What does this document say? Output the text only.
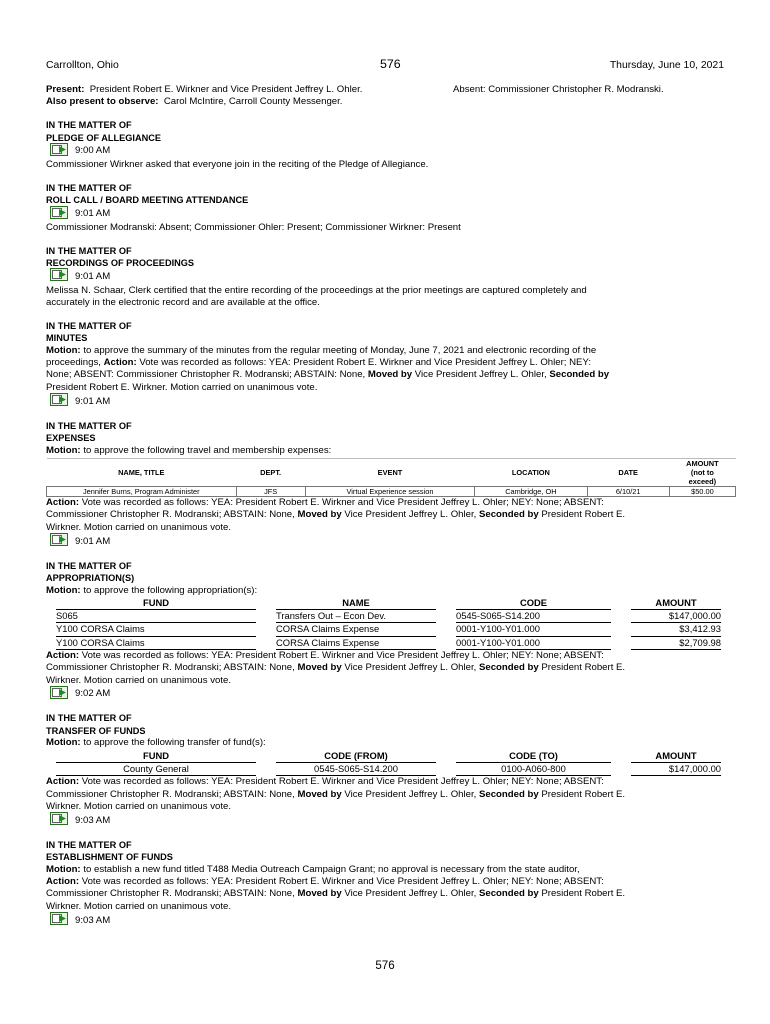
Carrollton, Ohio	576	Thursday, June 10, 2021
Present: President Robert E. Wirkner and Vice President Jeffrey L. Ohler.	Absent: Commissioner Christopher R. Modranski.
Also present to observe: Carol McIntire, Carroll County Messenger.
IN THE MATTER OF
PLEDGE OF ALLEGIANCE
9:00 AM
Commissioner Wirkner asked that everyone join in the reciting of the Pledge of Allegiance.
IN THE MATTER OF
ROLL CALL / BOARD MEETING ATTENDANCE
9:01 AM
Commissioner Modranski: Absent; Commissioner Ohler: Present; Commissioner Wirkner: Present
IN THE MATTER OF
RECORDINGS OF PROCEEDINGS
9:01 AM
Melissa N. Schaar, Clerk certified that the entire recording of the proceedings at the prior meetings are captured completely and
accurately in the electronic record and are available at the office.
IN THE MATTER OF
MINUTES
Motion: to approve the summary of the minutes from the regular meeting of Monday, June 7, 2021 and electronic recording of the
proceedings, Action: Vote was recorded as follows: YEA: President Robert E. Wirkner and Vice President Jeffrey L. Ohler; NEY:
None; ABSENT: Commissioner Christopher R. Modranski; ABSTAIN: None, Moved by Vice President Jeffrey L. Ohler, Seconded by
President Robert E. Wirkner. Motion carried on unanimous vote.
9:01 AM
IN THE MATTER OF
EXPENSES
Motion: to approve the following travel and membership expenses:
NAME, TITLE	DEPT.	EVENT	LOCATION	DATE	AMOUNT
(not to
exceed)
Jennifer Burns, Program Administer	JFS	Virtual Experience session	Cambridge, OH	6/10/21	$50.00
Action: Vote was recorded as follows: YEA: President Robert E. Wirkner and Vice President Jeffrey L. Ohler; NEY: None; ABSENT:
Commissioner Christopher R. Modranski; ABSTAIN: None, Moved by Vice President Jeffrey L. Ohler, Seconded by President Robert E.
Wirkner. Motion carried on unanimous vote.
9:01 AM
IN THE MATTER OF
APPROPRIATION(S)
Motion: to approve the following appropriation(s):
FUND		NAME		CODE		AMOUNT
S065		Transfers Out – Econ Dev.		0545-S065-S14.200		$147,000.00
Y100 CORSA Claims		CORSA Claims Expense		0001-Y100-Y01.000		$3,412.93
Y100 CORSA Claims		CORSA Claims Expense		0001-Y100-Y01.000		$2,709.98
Action: Vote was recorded as follows: YEA: President Robert E. Wirkner and Vice President Jeffrey L. Ohler; NEY: None; ABSENT:
Commissioner Christopher R. Modranski; ABSTAIN: None, Moved by Vice President Jeffrey L. Ohler, Seconded by President Robert E.
Wirkner. Motion carried on unanimous vote.
9:02 AM
IN THE MATTER OF
TRANSFER OF FUNDS
Motion: to approve the following transfer of fund(s):
FUND		CODE (FROM)		CODE (TO)		AMOUNT
County General		0545-S065-S14.200		0100-A060-800		$147,000.00
Action: Vote was recorded as follows: YEA: President Robert E. Wirkner and Vice President Jeffrey L. Ohler; NEY: None; ABSENT:
Commissioner Christopher R. Modranski; ABSTAIN: None, Moved by Vice President Jeffrey L. Ohler, Seconded by President Robert E.
Wirkner. Motion carried on unanimous vote.
9:03 AM
IN THE MATTER OF
ESTABLISHMENT OF FUNDS
Motion: to establish a new fund titled T488 Media Outreach Campaign Grant; no approval is necessary from the state auditor,
Action: Vote was recorded as follows: YEA: President Robert E. Wirkner and Vice President Jeffrey L. Ohler; NEY: None; ABSENT:
Commissioner Christopher R. Modranski; ABSTAIN: None, Moved by Vice President Jeffrey L. Ohler, Seconded by President Robert E.
Wirkner. Motion carried on unanimous vote.
9:03 AM
576
